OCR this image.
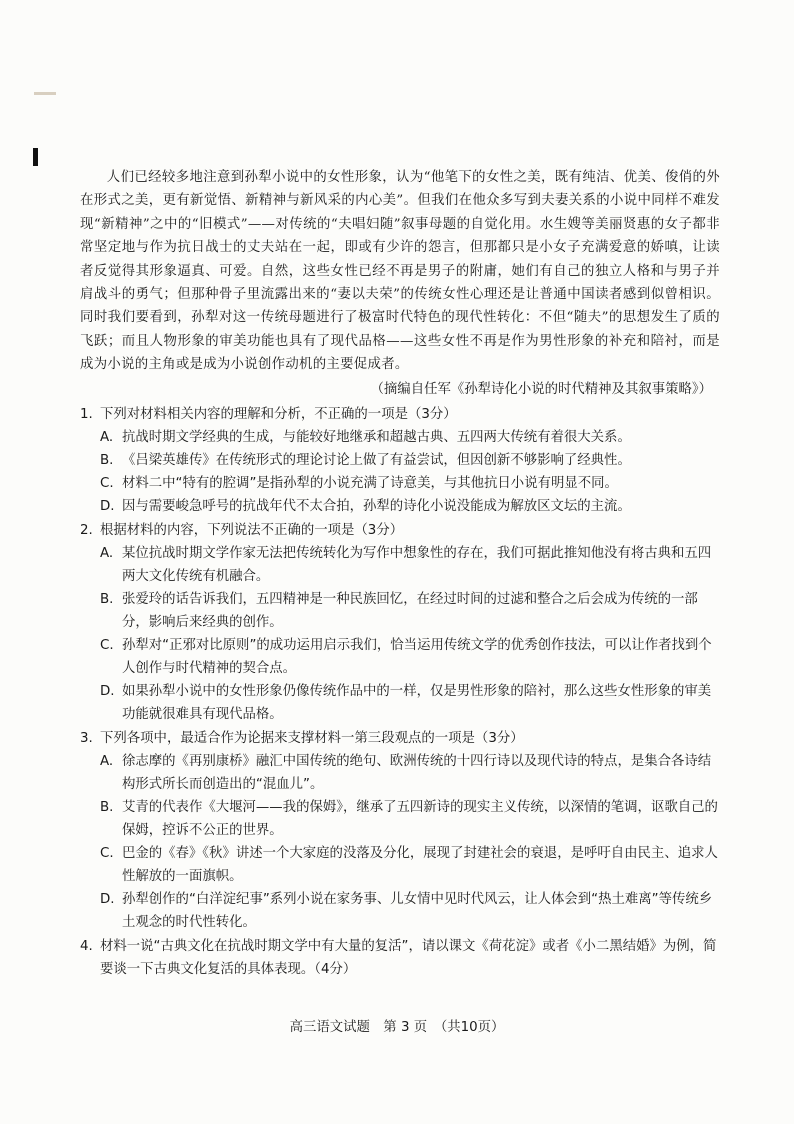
人们已经较多地注意到孙犁小说中的女性形象，认为“他笔下的女性之美，既有纯洁、优美、俊俏的外在形式之美，更有新觉悟、新精神与新风采的内心美”。但我们在他众多写到夫妻关系的小说中同样不难发现“新精神”之中的“旧模式”——对传统的“夫唱妇随”叙事母题的自觉化用。水生嫂等美丽贤惠的女子都非常坚定地与作为抗日战士的丈夫站在一起，即或有少许的怨言，但那都只是小女子充满爱意的娇嗔，让读者反觉得其形象逼真、可爱。自然，这些女性已经不再是男子的附庸，她们有自己的独立人格和与男子并肩战斗的勇气；但那种骨子里流露出来的“妻以夫荣”的传统女性心理还是让普通中国读者感到似曾相识。同时我们要看到，孙犁对这一传统母题进行了极富时代特色的现代性转化：不但“随夫”的思想发生了质的飞跃；而且人物形象的审美功能也具有了现代品格——这些女性不再是作为男性形象的补充和陪衬，而是成为小说的主角或是成为小说创作动机的主要促成者。

（摘编自任军《孙犁诗化小说的时代精神及其叙事策略》）
1. 下列对材料相关内容的理解和分析，不正确的一项是（3分）
A. 抗战时期文学经典的生成，与能较好地继承和超越古典、五四两大传统有着很大关系。
B. 《吕梁英雄传》在传统形式的理论讨论上做了有益尝试，但因创新不够影响了经典性。
C. 材料二中“特有的腔调”是指孙犁的小说充满了诗意美，与其他抗日小说有明显不同。
D. 因与需要峻急呼号的抗战年代不太合拍，孙犁的诗化小说没能成为解放区文坛的主流。
2. 根据材料的内容，下列说法不正确的一项是（3分）
A. 某位抗战时期文学作家无法把传统转化为写作中想象性的存在，我们可据此推知他没有将古典和五四两大文化传统有机融合。
B. 张爱玲的话告诉我们，五四精神是一种民族回忆，在经过时间的过滤和整合之后会成为传统的一部分，影响后来经典的创作。
C. 孙犁对“正邪对比原则”的成功运用启示我们，恰当运用传统文学的优秀创作技法，可以让作者找到个人创作与时代精神的契合点。
D. 如果孙犁小说中的女性形象仍像传统作品中的一样，仅是男性形象的陪衬，那么这些女性形象的审美功能就很难具有现代品格。
3. 下列各项中，最适合作为论据来支撑材料一第三段观点的一项是（3分）
A. 徐志摩的《再别康桥》融汇中国传统的绝句、欧洲传统的十四行诗以及现代诗的特点，是集合各诗结构形式所长而创造出的“混血儿”。
B. 艾青的代表作《大堰河——我的保姆》，继承了五四新诗的现实主义传统，以深情的笔调，讴歌自己的保姆，控诉不公正的世界。
C. 巴金的《春》《秋》讲述一个大家庭的没落及分化，展现了封建社会的衰退，是呼吁自由民主、追求人性解放的一面旗帜。
D. 孙犁创作的“白洋淀纪事”系列小说在家务事、儿女情中见时代风云，让人体会到“热土难离”等传统乡土观念的时代性转化。
4. 材料一说“古典文化在抗战时期文学中有大量的复活”，请以课文《荷花淀》或者《小二黑结婚》为例，简要谈一下古典文化复活的具体表现。（4分）
高三语文试题　第 3 页　（共10页）
